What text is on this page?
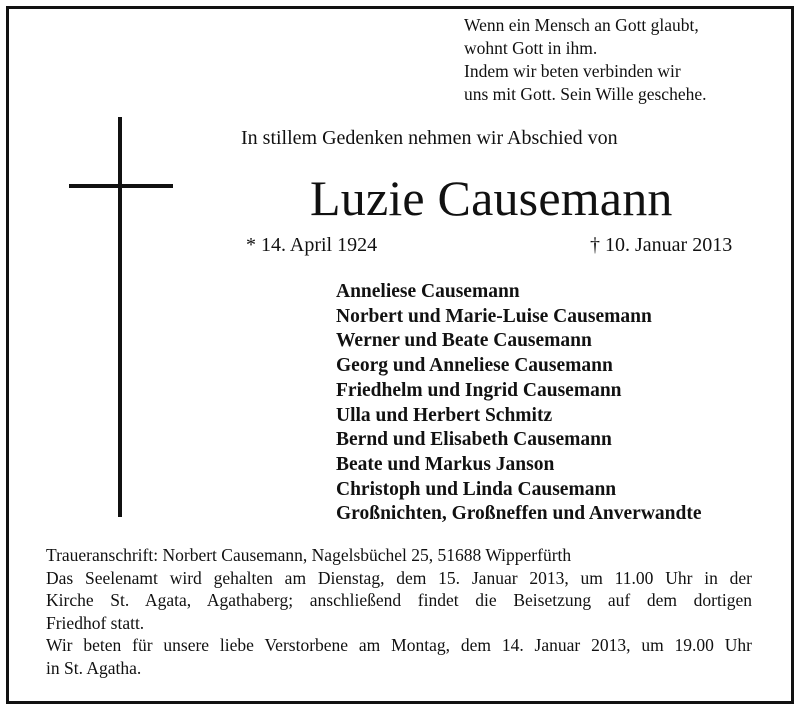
Wenn ein Mensch an Gott glaubt,
wohnt Gott in ihm.
Indem wir beten verbinden wir
uns mit Gott. Sein Wille geschehe.
In stillem Gedenken nehmen wir Abschied von
Luzie Causemann
* 14. April 1924	† 10. Januar 2013
Anneliese Causemann
Norbert und Marie-Luise Causemann
Werner und Beate Causemann
Georg und Anneliese Causemann
Friedhelm und Ingrid Causemann
Ulla und Herbert Schmitz
Bernd und Elisabeth Causemann
Beate und Markus Janson
Christoph und Linda Causemann
Großnichten, Großneffen und Anverwandte
Traueranschrift: Norbert Causemann, Nagelsbüchel 25, 51688 Wipperfürth
Das Seelenamt wird gehalten am Dienstag, dem 15. Januar 2013, um 11.00 Uhr in der
Kirche St. Agata, Agathaberg; anschließend findet die Beisetzung auf dem dortigen
Friedhof statt.
Wir beten für unsere liebe Verstorbene am Montag, dem 14. Januar 2013, um 19.00 Uhr
in St. Agatha.
